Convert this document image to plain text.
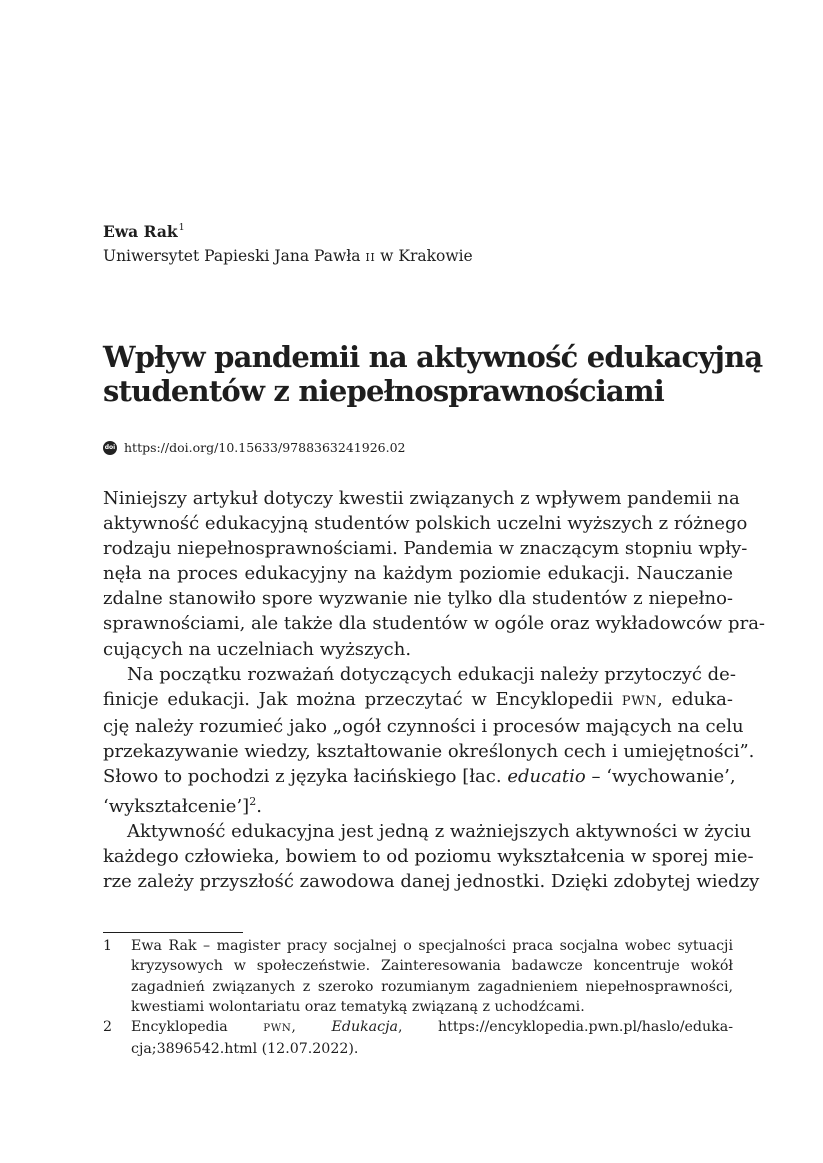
Ewa Rak$^1$
Uniwersytet Papieski Jana Pawła II w Krakowie
Wpływ pandemii na aktywność edukacyjną
studentów z niepełnosprawnościami
doi https://doi.org/10.15633/9788363241926.02
Niniejszy artykuł dotyczy kwestii związanych z wpływem pandemii na
aktywność edukacyjną studentów polskich uczelni wyższych z różnego
rodzaju niepełnosprawnościami. Pandemia w znaczącym stopniu wpły-
nęła na proces edukacyjny na każdym poziomie edukacji. Nauczanie
zdalne stanowiło spore wyzwanie nie tylko dla studentów z niepełno-
sprawnościami, ale także dla studentów w ogóle oraz wykładowców pra-
cujących na uczelniach wyższych.
Na początku rozważań dotyczących edukacji należy przytoczyć de-
finicje edukacji. Jak można przeczytać w Encyklopedii PWN, eduka-
cję należy rozumieć jako „ogół czynności i procesów mających na celu
przekazywanie wiedzy, kształtowanie określonych cech i umiejętności”.
Słowo to pochodzi z języka łacińskiego [łac. educatio – ‘wychowanie’,
‘wykształcenie’]$^2$.
Aktywność edukacyjna jest jedną z ważniejszych aktywności w życiu
każdego człowieka, bowiem to od poziomu wykształcenia w sporej mie-
rze zależy przyszłość zawodowa danej jednostki. Dzięki zdobytej wiedzy
1 Ewa Rak – magister pracy socjalnej o specjalności praca socjalna wobec sytuacji
kryzysowych w społeczeństwie. Zainteresowania badawcze koncentruje wokół
zagadnień związanych z szeroko rozumianym zagadnieniem niepełnosprawności,
kwestiami wolontariatu oraz tematyką związaną z uchodźcami.
2 Encyklopedia PWN, Edukacja, https://encyklopedia.pwn.pl/haslo/eduka-
cja;3896542.html (12.07.2022).
